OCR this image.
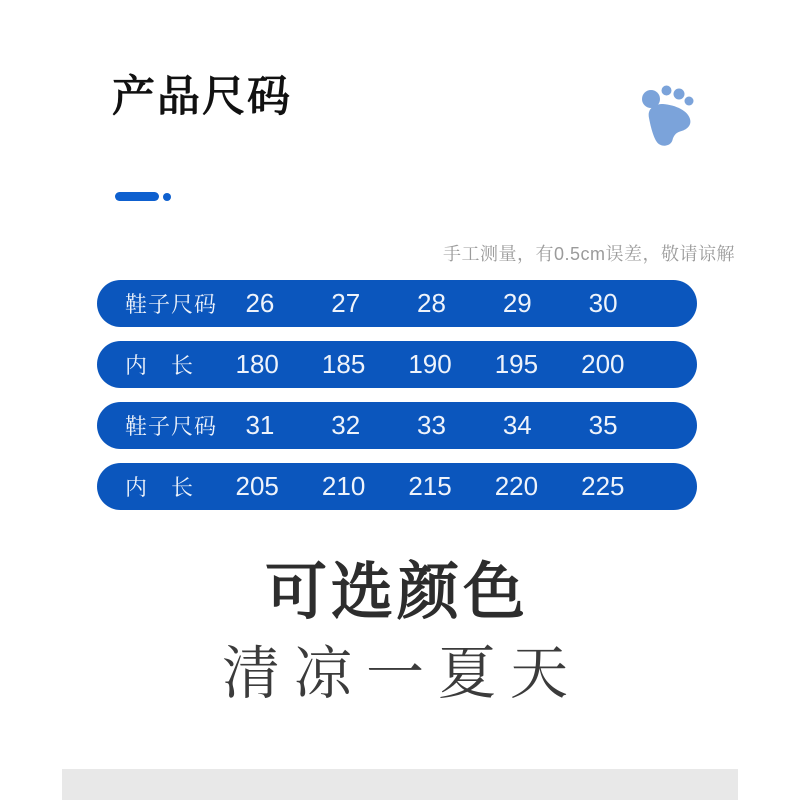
产品尺码

手工测量，有0.5cm误差，敬请谅解

鞋子尺码	26	27	28	29	30
内　长	180	185	190	195	200
鞋子尺码	31	32	33	34	35
内　长	205	210	215	220	225
可选颜色

清凉一夏天
